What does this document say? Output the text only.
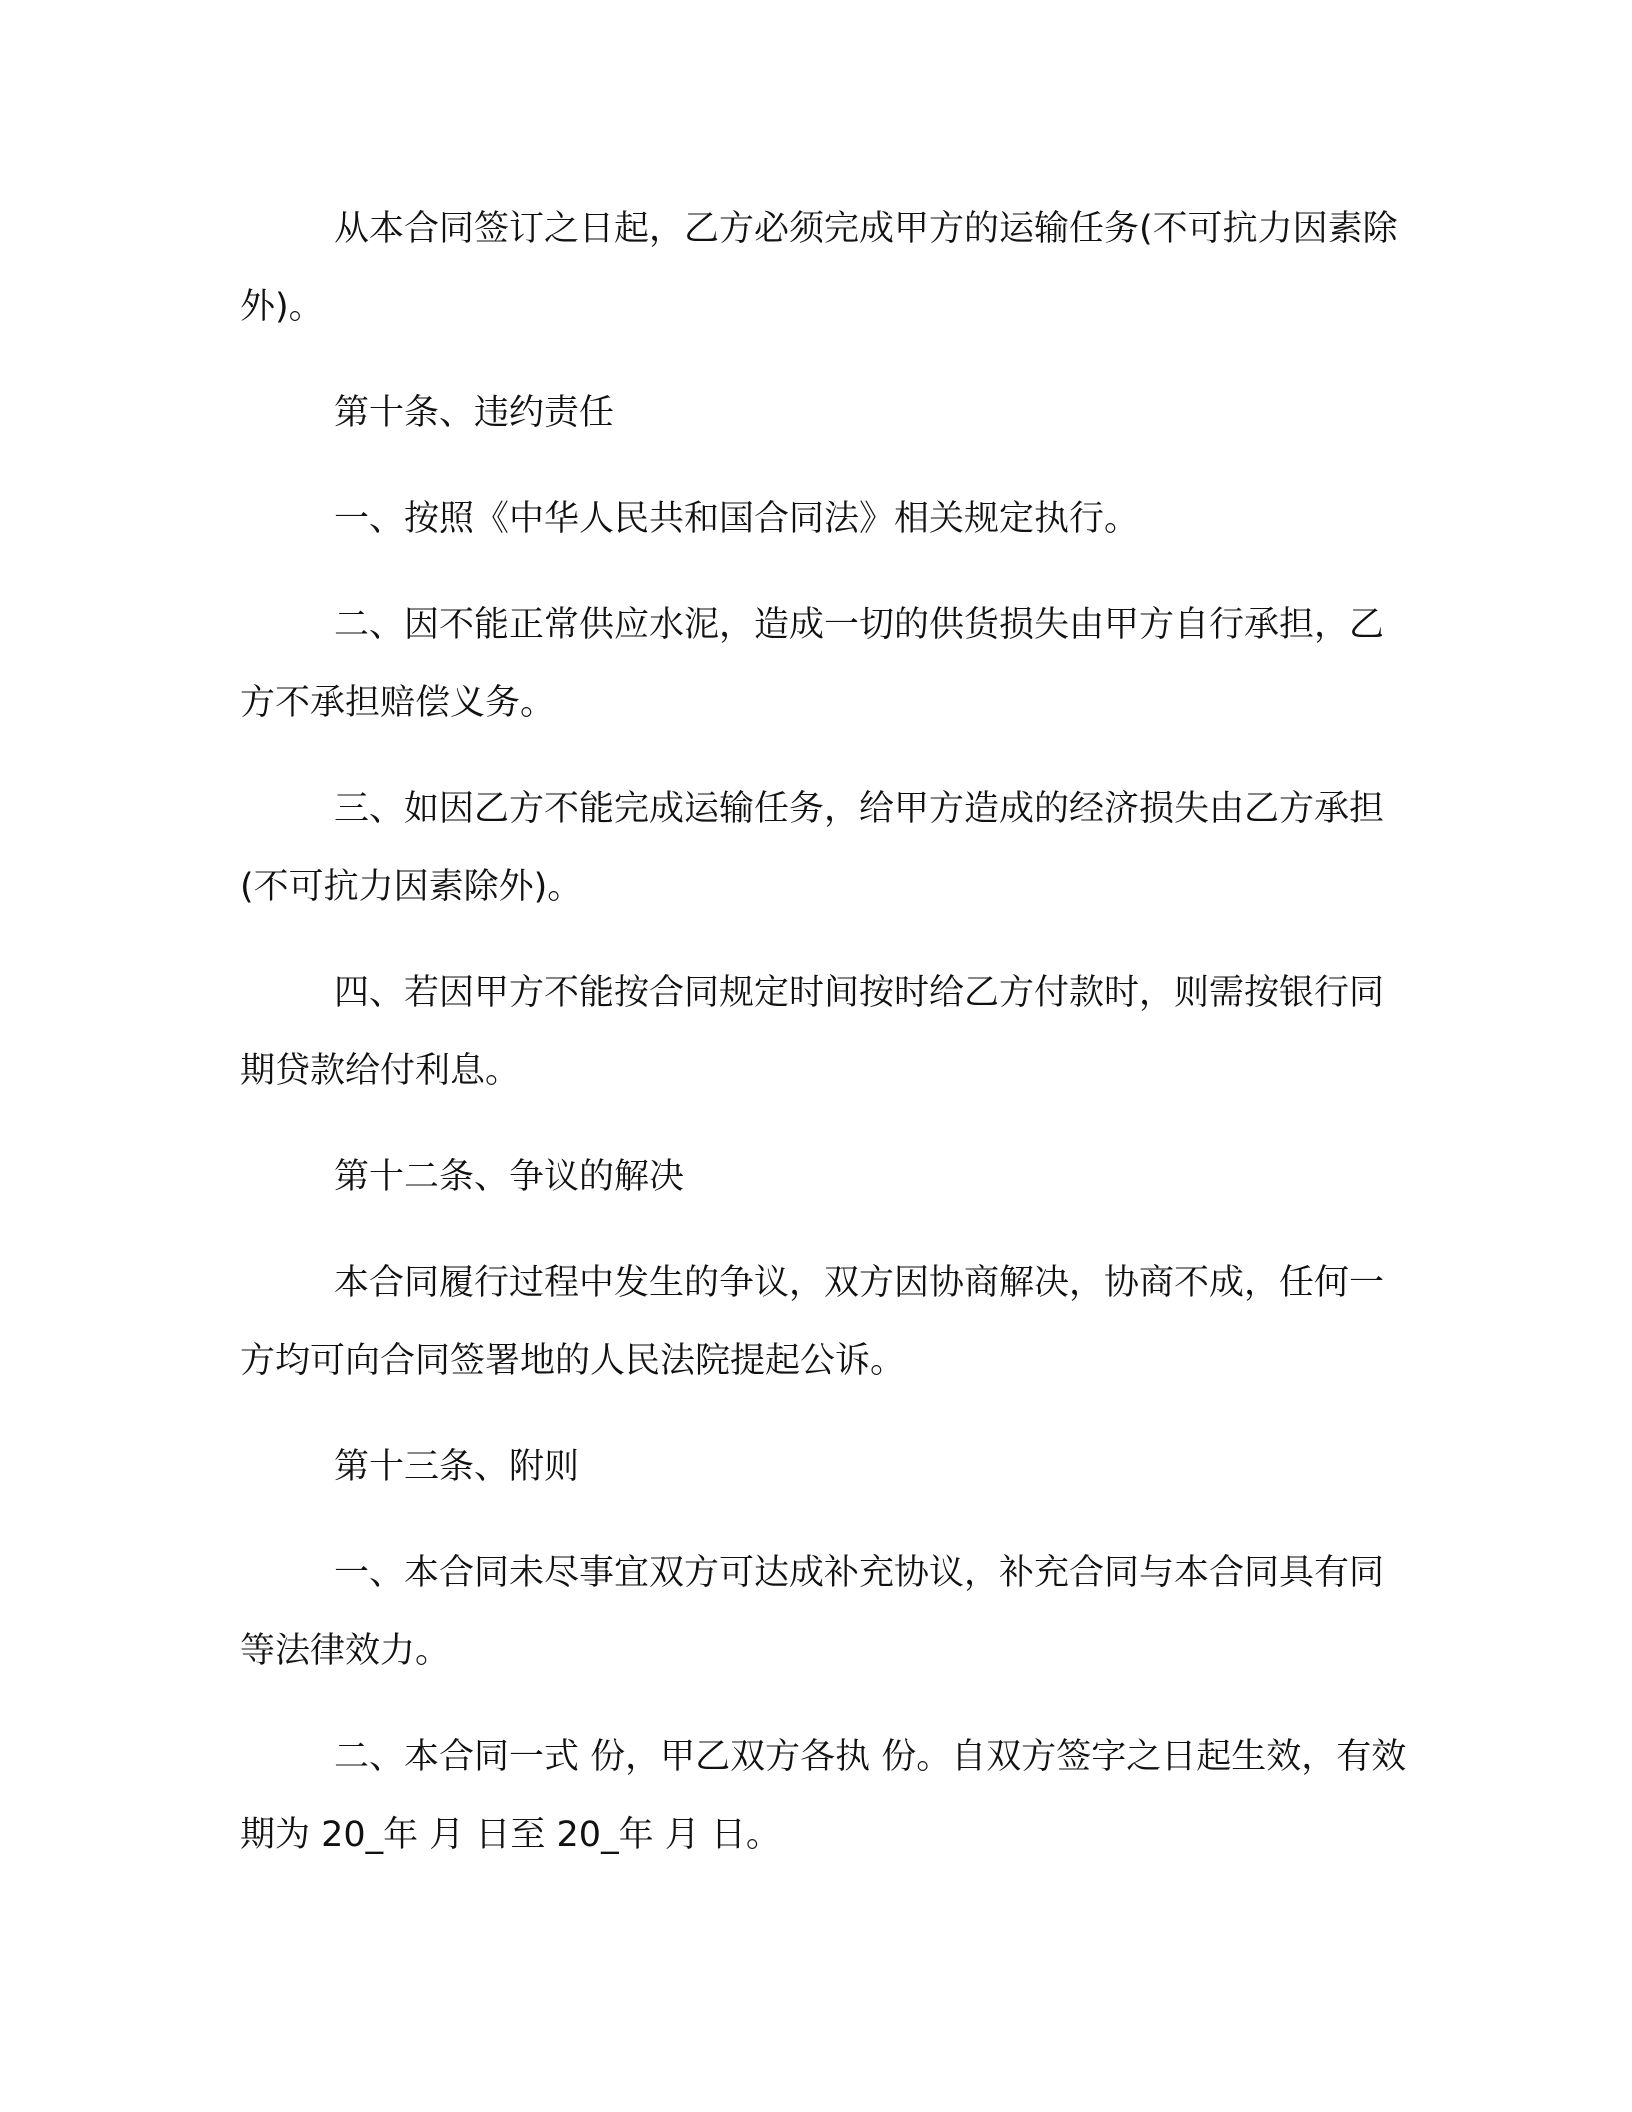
从本合同签订之日起，乙方必须完成甲方的运输任务(不可抗力因素除外)。

第十条、违约责任

一、按照《中华人民共和国合同法》相关规定执行。

二、因不能正常供应水泥，造成一切的供货损失由甲方自行承担，乙方不承担赔偿义务。

三、如因乙方不能完成运输任务，给甲方造成的经济损失由乙方承担(不可抗力因素除外)。

四、若因甲方不能按合同规定时间按时给乙方付款时，则需按银行同期贷款给付利息。

第十二条、争议的解决

本合同履行过程中发生的争议，双方因协商解决，协商不成，任何一方均可向合同签署地的人民法院提起公诉。

第十三条、附则

一、本合同未尽事宜双方可达成补充协议，补充合同与本合同具有同等法律效力。

二、本合同一式 份，甲乙双方各执 份。自双方签字之日起生效，有效期为 20_年 月 日至 20_年 月 日。
